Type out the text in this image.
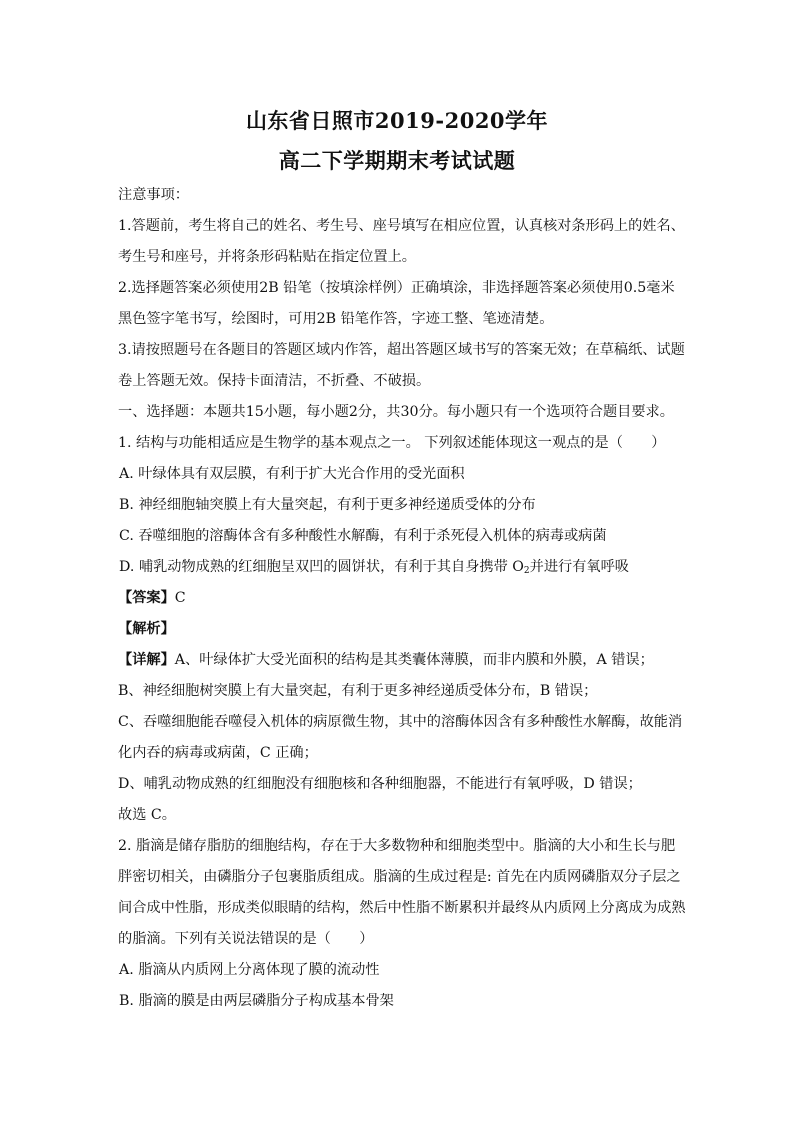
山东省日照市2019-2020学年
高二下学期期末考试试题
注意事项：
1.答题前，考生将自己的姓名、考生号、座号填写在相应位置，认真核对条形码上的姓名、
考生号和座号，并将条形码粘贴在指定位置上。
2.选择题答案必须使用2B 铅笔（按填涂样例）正确填涂，非选择题答案必须使用0.5毫米
黑色签字笔书写，绘图时，可用2B 铅笔作答，字迹工整、笔迹清楚。
3.请按照题号在各题目的答题区域内作答，超出答题区域书写的答案无效；在草稿纸、试题
卷上答题无效。保持卡面清洁，不折叠、不破损。
一、选择题：本题共15小题，每小题2分，共30分。每小题只有一个选项符合题目要求。
1. 结构与功能相适应是生物学的基本观点之一。 下列叙述能体现这一观点的是（　　）
A. 叶绿体具有双层膜，有利于扩大光合作用的受光面积
B. 神经细胞轴突膜上有大量突起，有利于更多神经递质受体的分布
C. 吞噬细胞的溶酶体含有多种酸性水解酶，有利于杀死侵入机体的病毒或病菌
D. 哺乳动物成熟的红细胞呈双凹的圆饼状，有利于其自身携带 $O_2$并进行有氧呼吸
【答案】C
【解析】
【详解】A、叶绿体扩大受光面积的结构是其类囊体薄膜，而非内膜和外膜，A 错误；
B、神经细胞树突膜上有大量突起，有利于更多神经递质受体分布，B 错误；
C、吞噬细胞能吞噬侵入机体的病原微生物，其中的溶酶体因含有多种酸性水解酶，故能消
化内吞的病毒或病菌，C 正确；
D、哺乳动物成熟的红细胞没有细胞核和各种细胞器，不能进行有氧呼吸，D 错误；
故选 C。
2. 脂滴是储存脂肪的细胞结构，存在于大多数物种和细胞类型中。脂滴的大小和生长与肥
胖密切相关，由磷脂分子包裹脂质组成。脂滴的生成过程是: 首先在内质网磷脂双分子层之
间合成中性脂，形成类似眼睛的结构，然后中性脂不断累积并最终从内质网上分离成为成熟
的脂滴。下列有关说法错误的是（　　）
A. 脂滴从内质网上分离体现了膜的流动性
B. 脂滴的膜是由两层磷脂分子构成基本骨架
